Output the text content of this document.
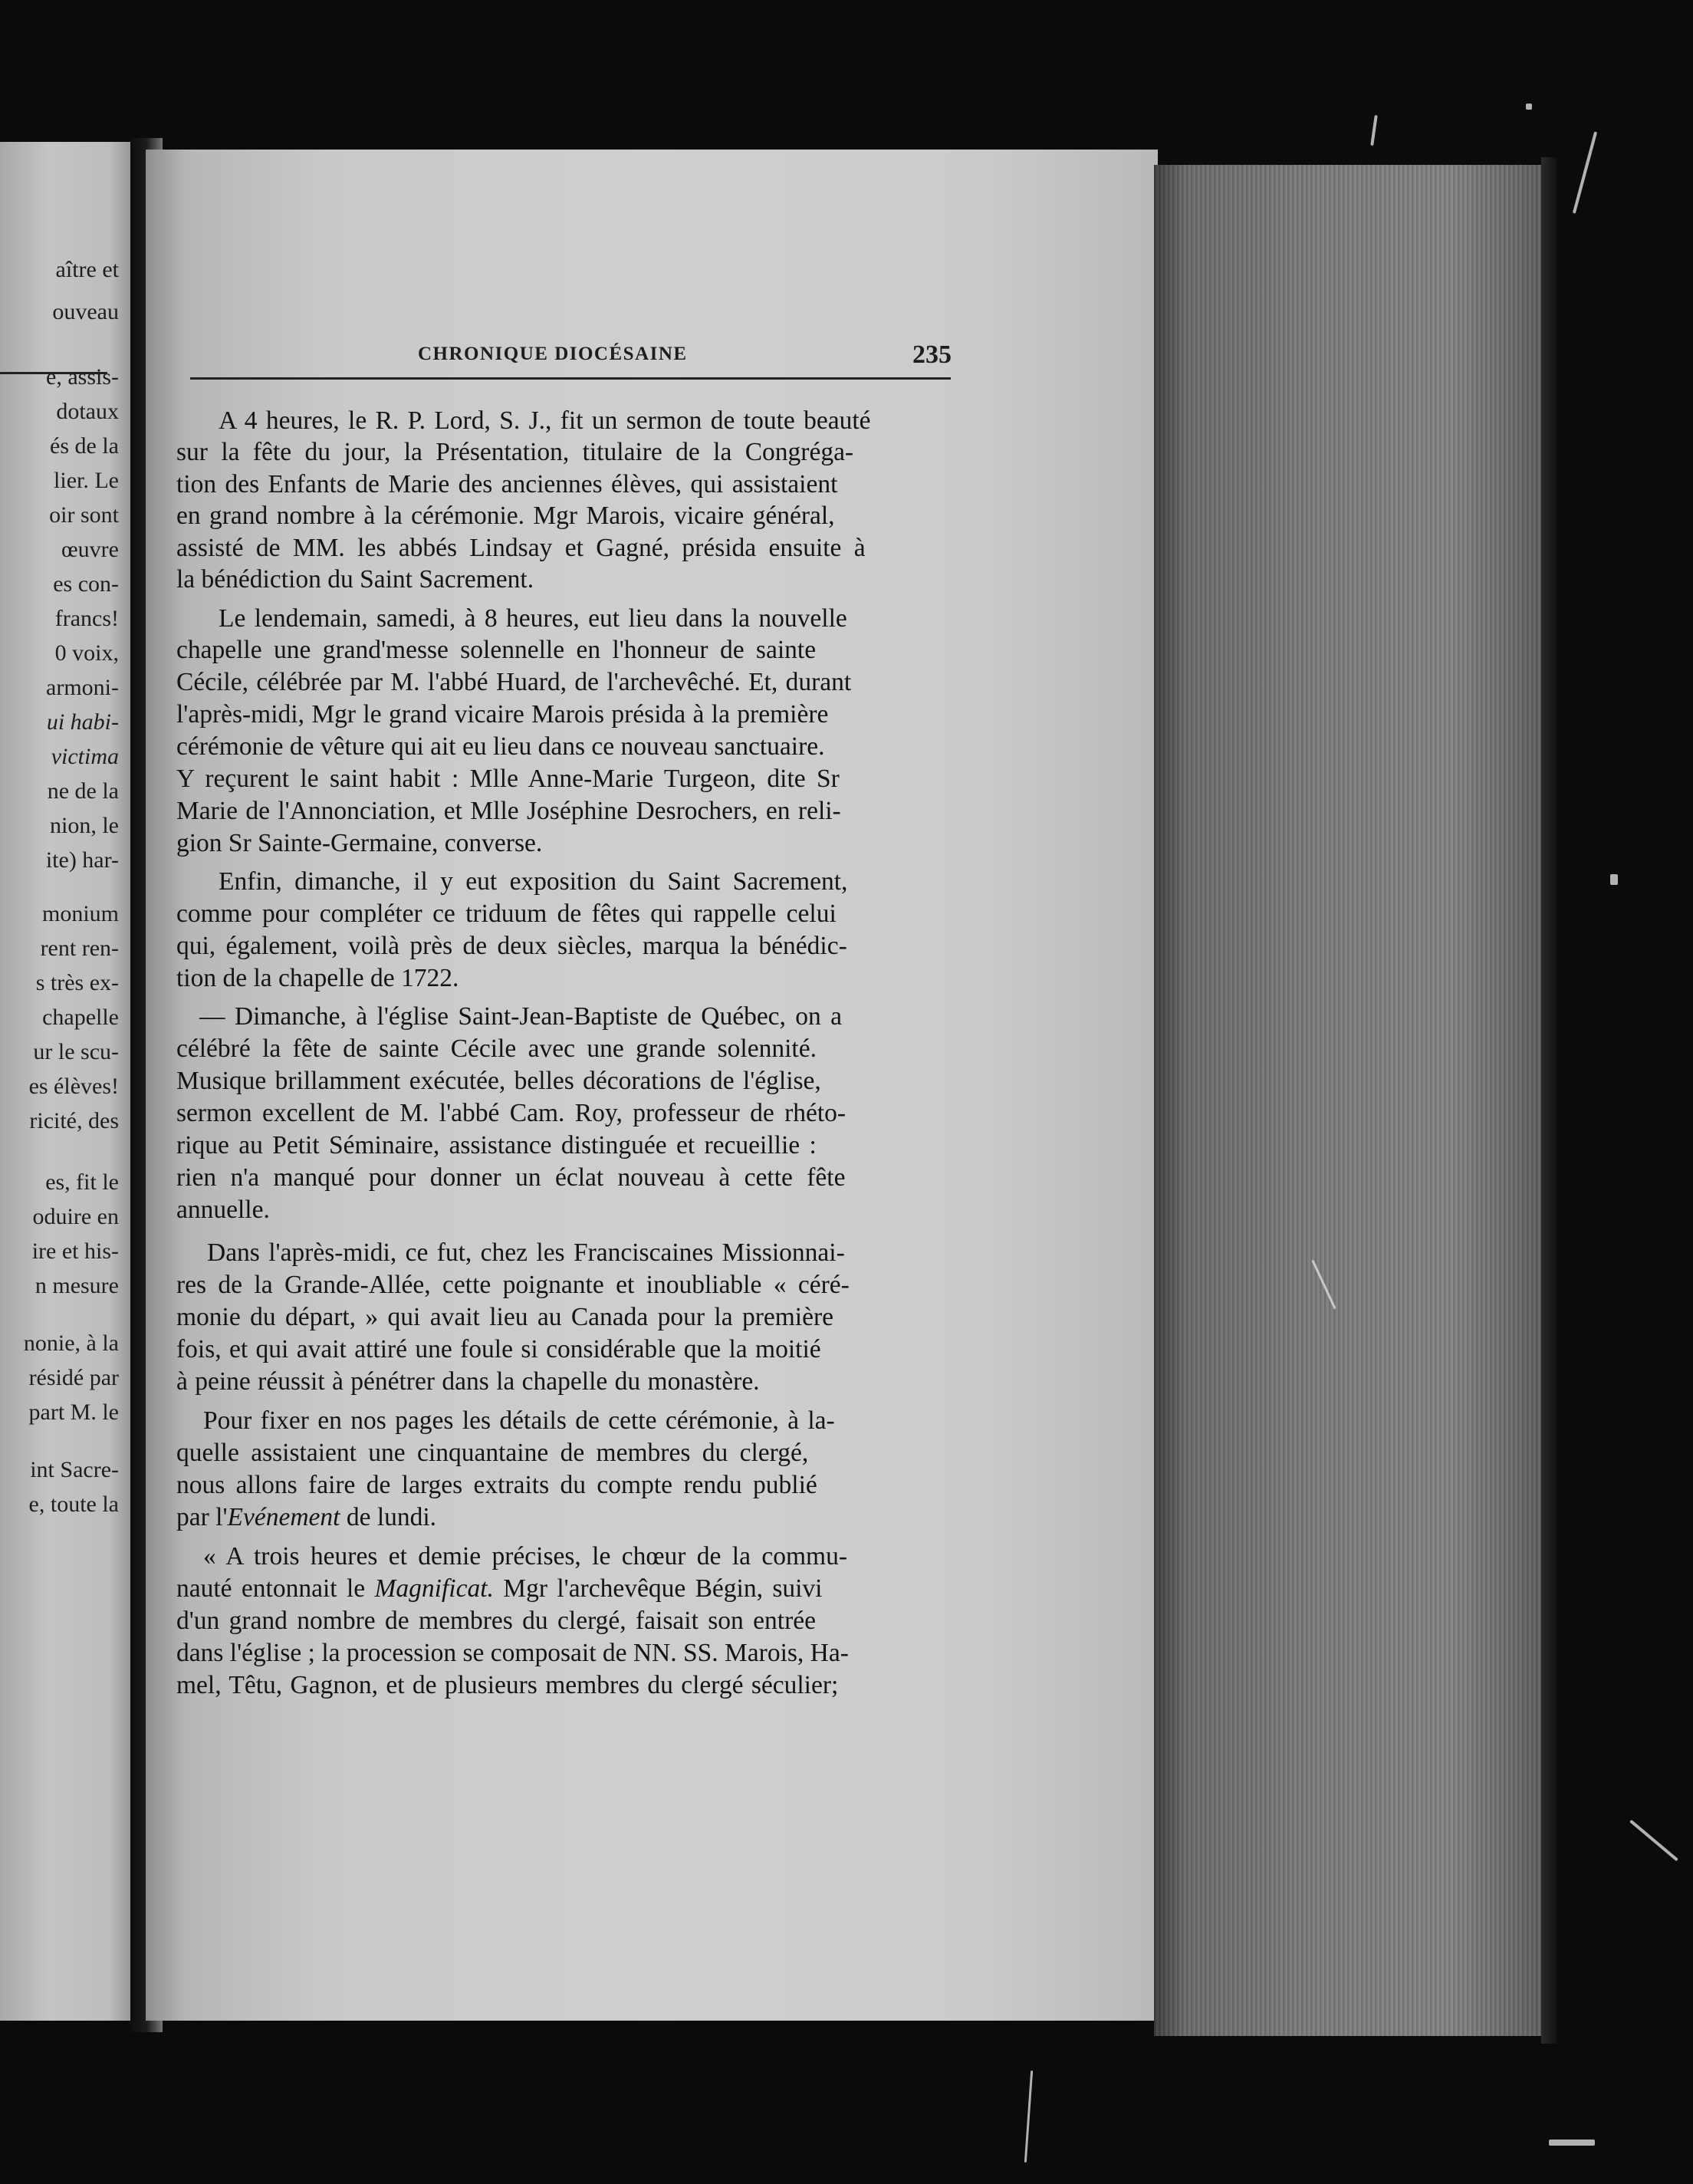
aître et
ouveau
e, assis-
dotaux
és de la
lier. Le
oir sont
œuvre
es con-
francs!
0 voix,
armoni-
ui habi-
victima
ne de la
nion, le
ite) har-
monium
rent ren-
s très ex-
chapelle
ur le scu-
es élèves!
ricité, des
es, fit le
oduire en
ire et his-
n mesure
nonie, à la
résidé par
part M. le
int Sacre-
e, toute la
CHRONIQUE DIOCÉSAINE	235
A 4 heures, le R. P. Lord, S. J., fit un sermon de toute beauté
sur la fête du jour, la Présentation, titulaire de la Congréga-
tion des Enfants de Marie des anciennes élèves, qui assistaient
en grand nombre à la cérémonie. Mgr Marois, vicaire général,
assisté de MM. les abbés Lindsay et Gagné, présida ensuite à
la bénédiction du Saint Sacrement.
Le lendemain, samedi, à 8 heures, eut lieu dans la nouvelle
chapelle une grand'messe solennelle en l'honneur de sainte
Cécile, célébrée par M. l'abbé Huard, de l'archevêché. Et, durant
l'après-midi, Mgr le grand vicaire Marois présida à la première
cérémonie de vêture qui ait eu lieu dans ce nouveau sanctuaire.
Y reçurent le saint habit : Mlle Anne-Marie Turgeon, dite Sr
Marie de l'Annonciation, et Mlle Joséphine Desrochers, en reli-
gion Sr Sainte-Germaine, converse.
Enfin, dimanche, il y eut exposition du Saint Sacrement,
comme pour compléter ce triduum de fêtes qui rappelle celui
qui, également, voilà près de deux siècles, marqua la bénédic-
tion de la chapelle de 1722.
— Dimanche, à l'église Saint-Jean-Baptiste de Québec, on a
célébré la fête de sainte Cécile avec une grande solennité.
Musique brillamment exécutée, belles décorations de l'église,
sermon excellent de M. l'abbé Cam. Roy, professeur de rhéto-
rique au Petit Séminaire, assistance distinguée et recueillie :
rien n'a manqué pour donner un éclat nouveau à cette fête
annuelle.
Dans l'après-midi, ce fut, chez les Franciscaines Missionnai-
res de la Grande-Allée, cette poignante et inoubliable « céré-
monie du départ, » qui avait lieu au Canada pour la première
fois, et qui avait attiré une foule si considérable que la moitié
à peine réussit à pénétrer dans la chapelle du monastère.
Pour fixer en nos pages les détails de cette cérémonie, à la-
quelle assistaient une cinquantaine de membres du clergé,
nous allons faire de larges extraits du compte rendu publié
par l'Evénement de lundi.
« A trois heures et demie précises, le chœur de la commu-
nauté entonnait le Magnificat. Mgr l'archevêque Bégin, suivi
d'un grand nombre de membres du clergé, faisait son entrée
dans l'église ; la procession se composait de NN. SS. Marois, Ha-
mel, Têtu, Gagnon, et de plusieurs membres du clergé séculier;
